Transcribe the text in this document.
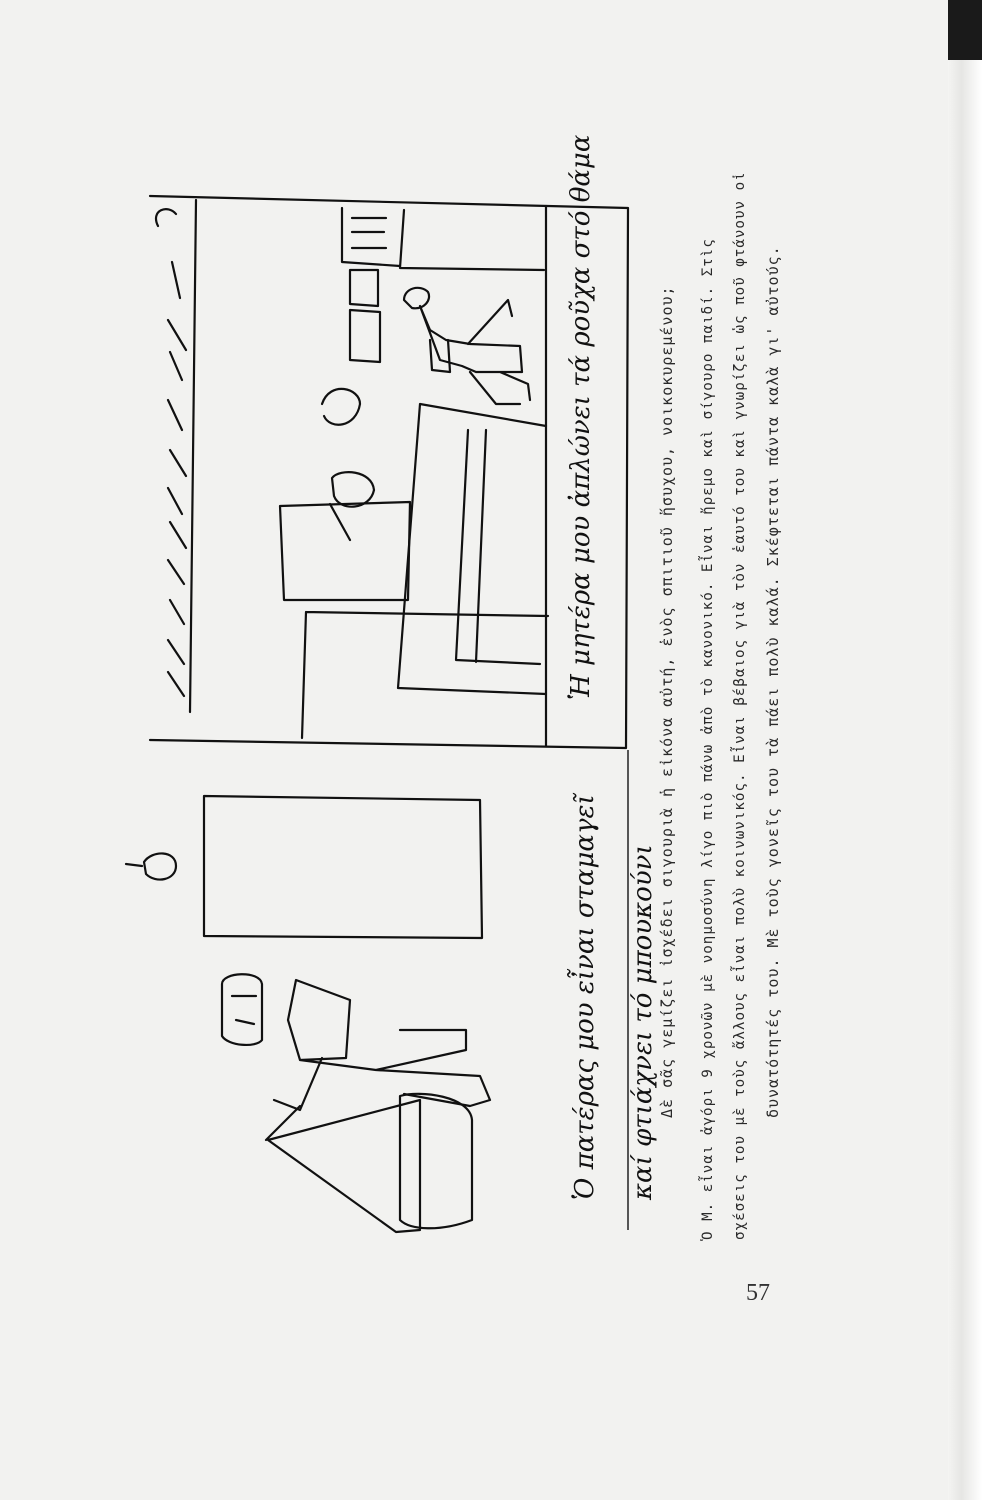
Ὁ πατέρας μου εἶναι σταμαγεῖ καί φτιάχνει τό μπουκούνι
Ἡ μητέρα μου ἀπλώνει τά ροῦχα στό θάμα	Δὲ σᾶς γεμίζει ἰσχέδει σιγουριὰ ἡ εἰκόνα αὐτή, ἑνὸς σπιτιοῦ ἥσυχου, νοικοκυρεμένου; Ὁ Μ. εἶναι ἀγόρι 9 χρονῶν μὲ νοημοσύνη λίγο πιὸ πάνω ἀπὸ τὸ κανονικό. Εἶναι ἤρεμο καὶ σίγουρο παιδί. Στὶς σχέσεις του μὲ τοὺς ἄλλους εἶναι πολὺ κοινωνικός. Εἶναι βέβαιος γιὰ τὸν ἑαυτό του καὶ γνωρίζει ὡς ποῦ φτάνουν οἱ δυνατότητές του. Μὲ τοὺς γονεῖς του τὰ πάει πολὺ καλά. Σκέφτεται πάντα καλὰ γι' αὐτούς.
57
